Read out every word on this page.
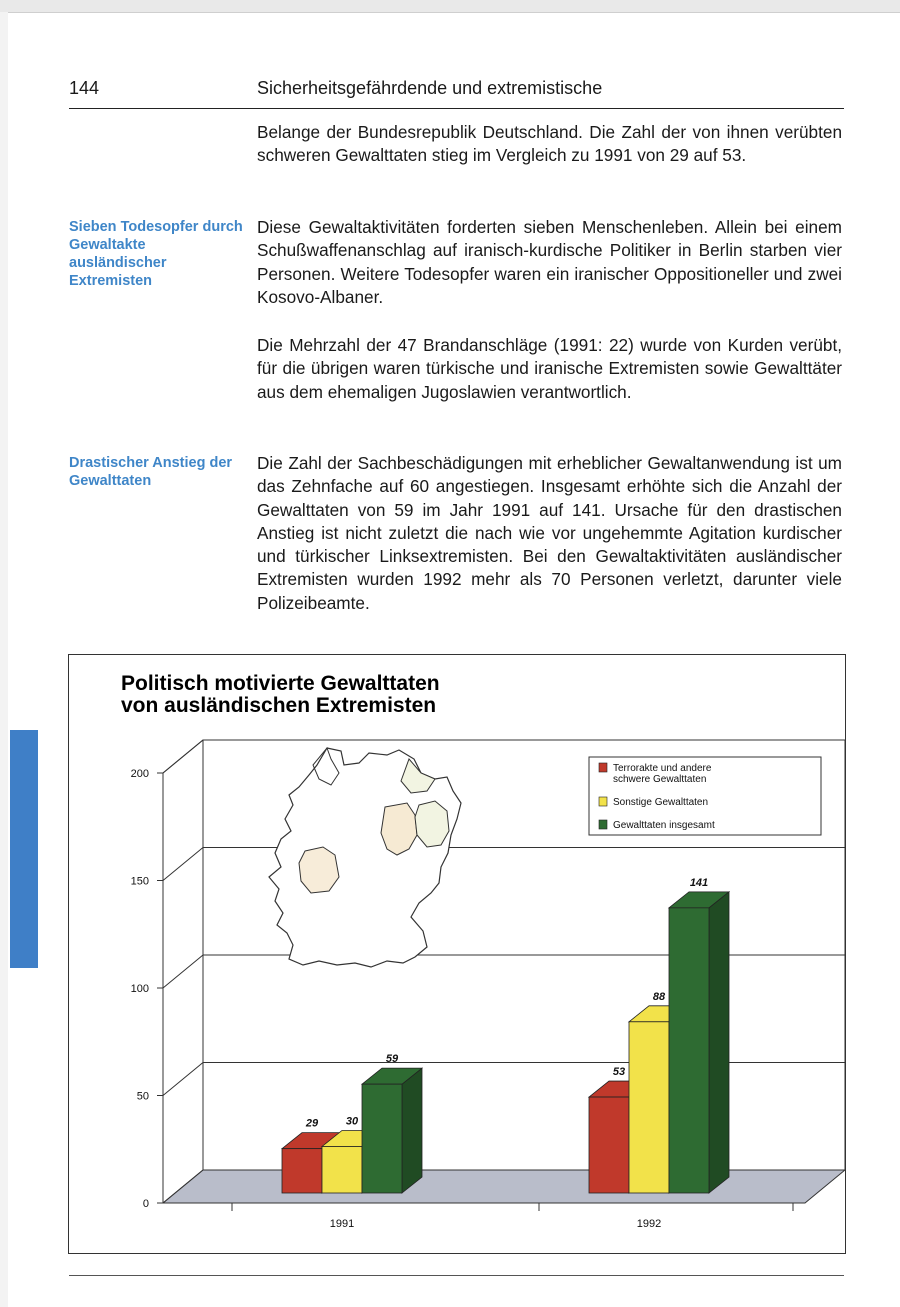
144	Sicherheitsgefährdende und extremistische

Belange der Bundesrepublik Deutschland. Die Zahl der von ihnen verübten schweren Gewalttaten stieg im Vergleich zu 1991 von 29 auf 53.

Sieben Todesopfer durch Gewaltakte ausländischer Extremisten

Diese Gewaltaktivitäten forderten sieben Menschenleben. Allein bei einem Schußwaffenanschlag auf iranisch-kurdische Politiker in Berlin starben vier Personen. Weitere Todesopfer waren ein iranischer Oppositioneller und zwei Kosovo-Albaner.

Die Mehrzahl der 47 Brandanschläge (1991: 22) wurde von Kurden verübt, für die übrigen waren türkische und iranische Extremisten sowie Gewalttäter aus dem ehemaligen Jugoslawien verantwortlich.

Drastischer Anstieg der Gewalttaten

Die Zahl der Sachbeschädigungen mit erheblicher Gewaltanwendung ist um das Zehnfache auf 60 angestiegen. Insgesamt erhöhte sich die Anzahl der Gewalttaten von 59 im Jahr 1991 auf 141. Ursache für den drastischen Anstieg ist nicht zuletzt die nach wie vor ungehemmte Agitation kurdischer und türkischer Linksextremisten. Bei den Gewaltaktivitäten ausländischer Extremisten wurden 1992 mehr als 70 Personen verletzt, darunter viele Polizeibeamte.

Politisch motivierte Gewalttaten
von ausländischen Extremisten
0
50
100
150
200
1991	1992
29	30
59
53
88
141
Terrorakte und andere
schwere Gewalttaten
Sonstige Gewalttaten
Gewalttaten insgesamt
